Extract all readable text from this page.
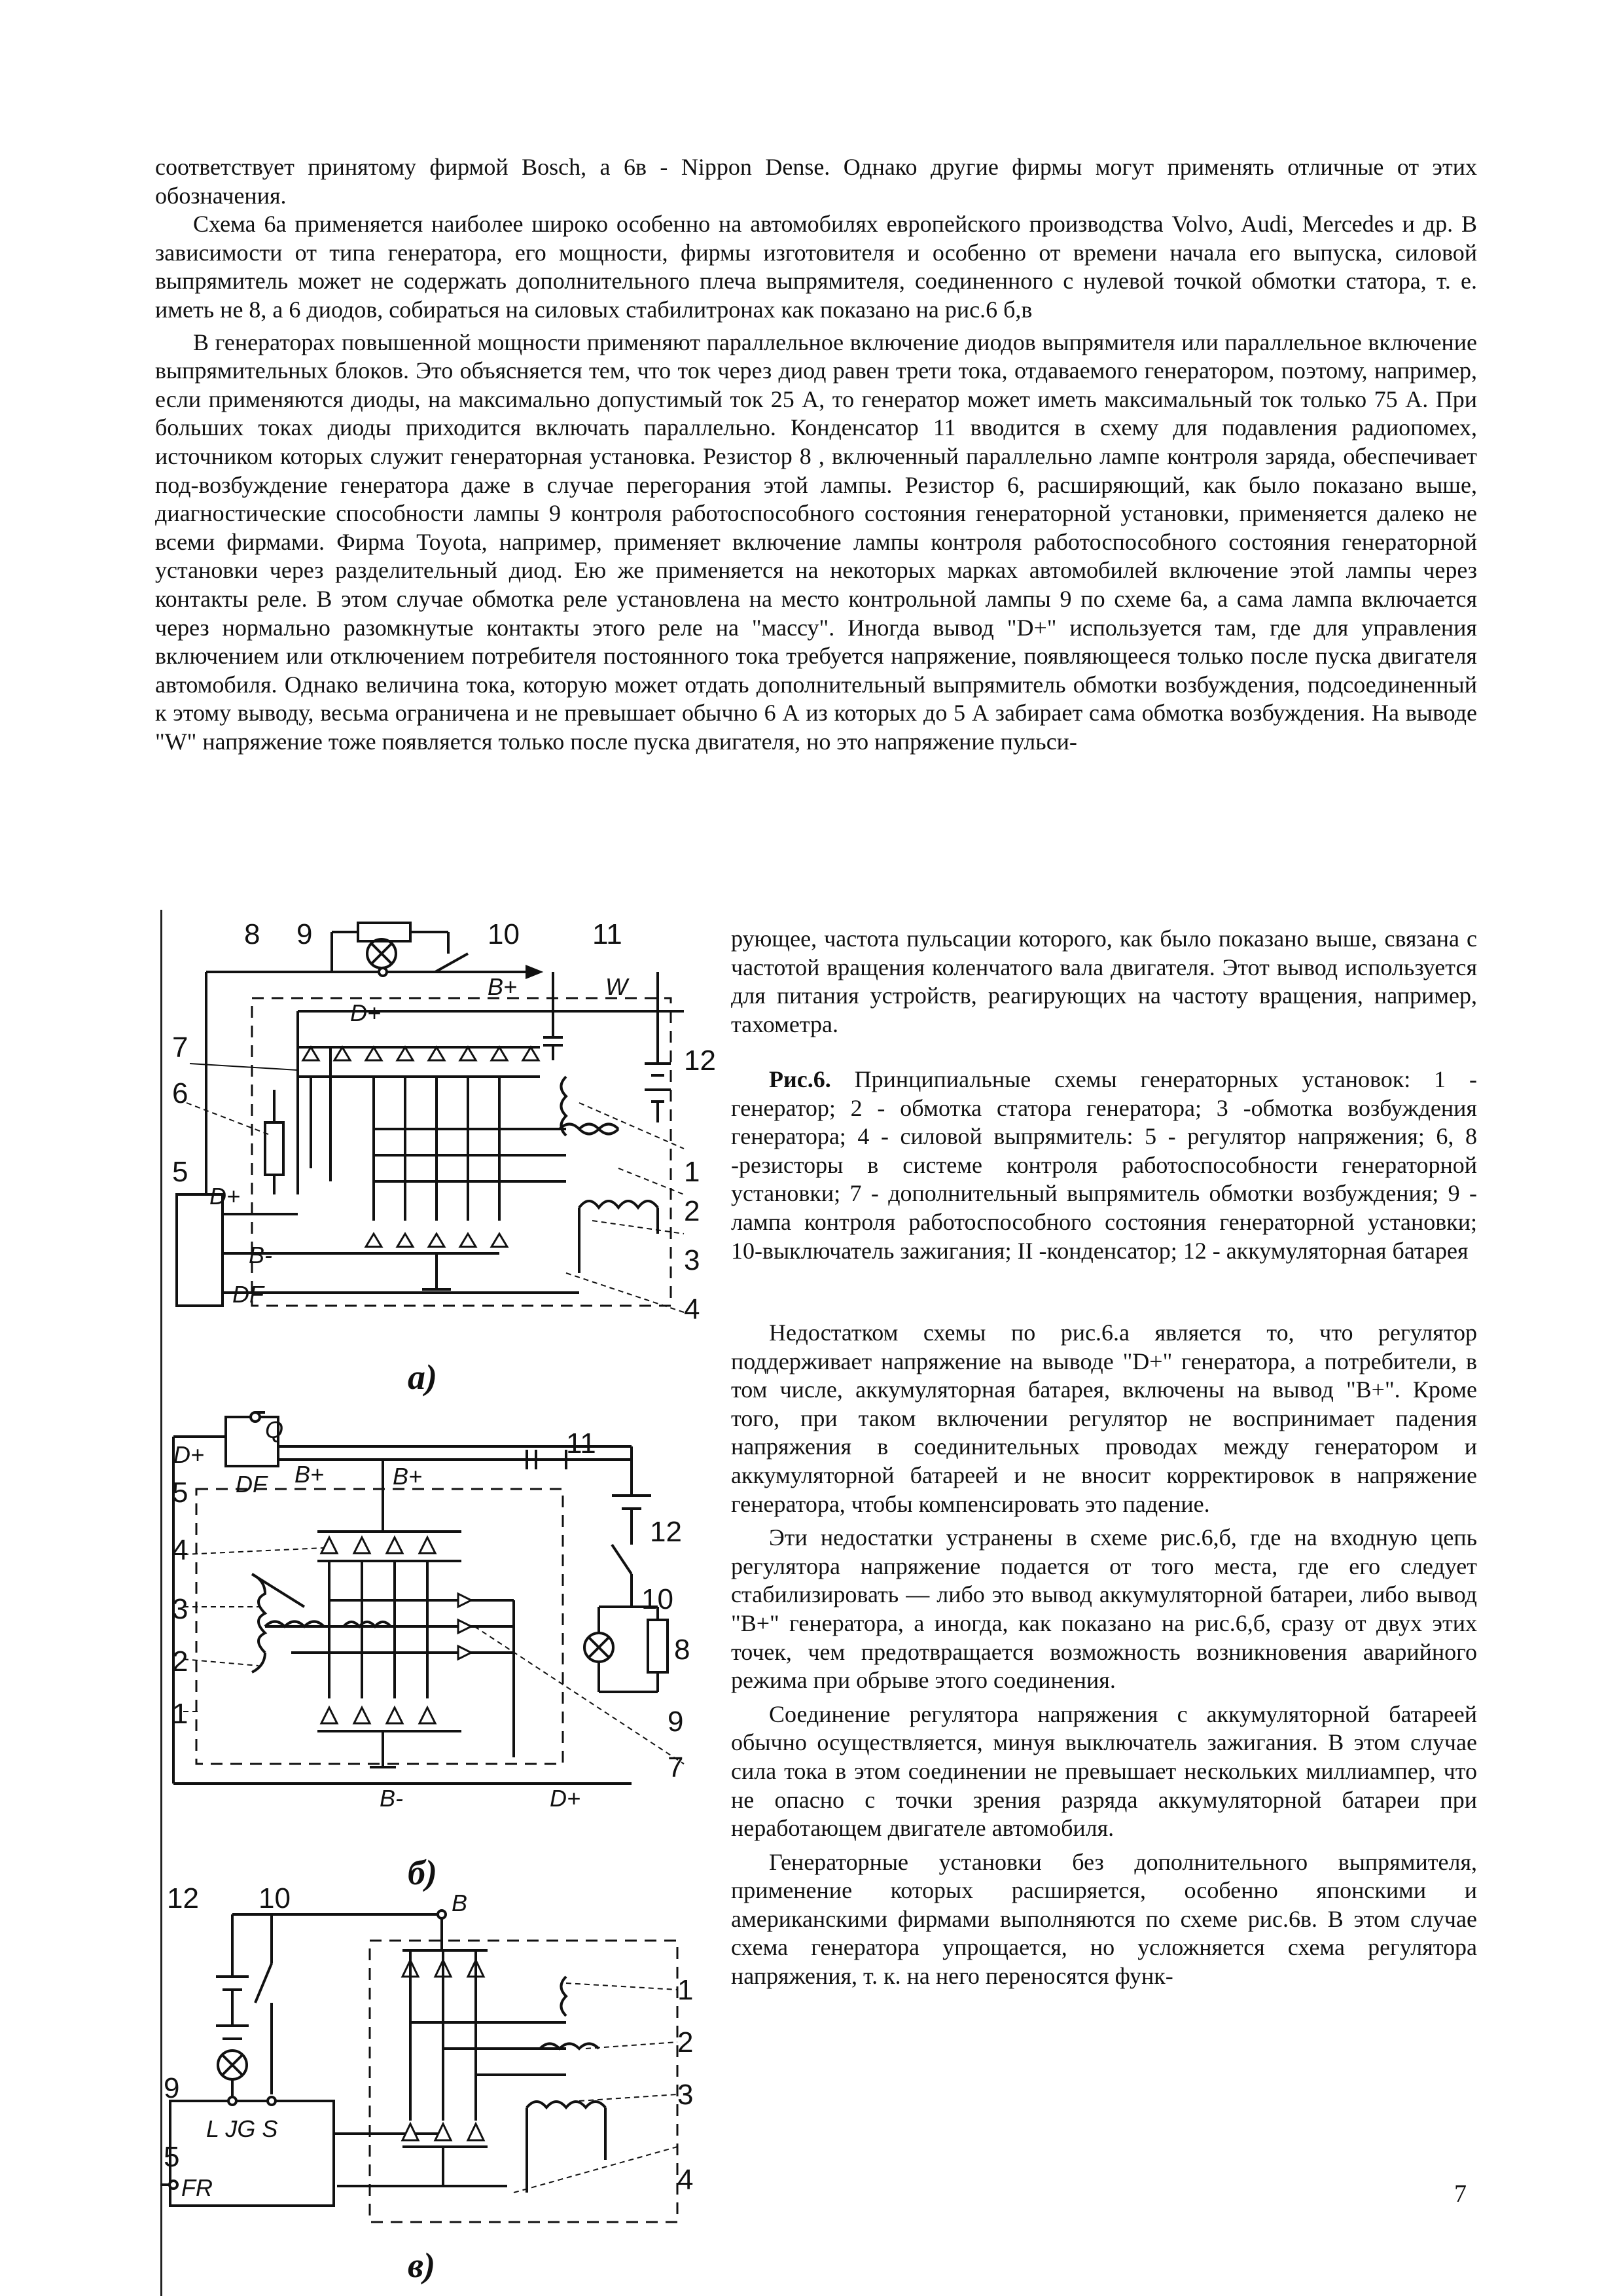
соответствует принятому фирмой Bosch, а 6в - Nippon Dense. Однако другие фирмы могут применять отличные от этих обозначения.

Схема 6а применяется наиболее широко особенно на автомобилях европейского производства Volvo, Audi, Mercedes и др. В зависимости от типа генератора, его мощности, фирмы изготовителя и особенно от времени начала его выпуска, силовой выпрямитель может не содержать дополнительного плеча выпрямителя, соединенного с нулевой точкой обмотки статора, т. е. иметь не 8, а 6 диодов, собираться на силовых стабилитронах как показано на рис.6 б,в

В генераторах повышенной мощности применяют параллельное включение диодов выпрямителя или параллельное включение выпрямительных блоков. Это объясняется тем, что ток через диод равен трети тока, отдаваемого генератором, поэтому, например, если применяются диоды, на максимально допустимый ток 25 А, то генератор может иметь максимальный ток только 75 А. При больших токах диоды приходится включать параллельно. Конденсатор 11 вводится в схему для подавления радиопомех, источником которых служит генераторная установка. Резистор 8 , включенный параллельно лампе контроля заряда, обеспечивает под-возбуждение генератора даже в случае перегорания этой лампы. Резистор 6, расширяющий, как было показано выше, диагностические способности лампы 9 контроля работоспособного состояния генераторной установки, применяется далеко не всеми фирмами. Фирма Toyota, например, применяет включение лампы контроля работоспособного состояния генераторной установки через разделительный диод. Ею же применяется на некоторых марках автомобилей включение этой лампы через контакты реле. В этом случае обмотка реле установлена на место контрольной лампы 9 по схеме 6а, а сама лампа включается через нормально разомкнутые контакты этого реле на "массу". Иногда вывод "D+" используется там, где для управления включением или отключением потребителя постоянного тока требуется напряжение, появляющееся только после пуска двигателя автомобиля. Однако величина тока, которую может отдать дополнительный выпрямитель обмотки возбуждения, подсоединенный к этому выводу, весьма ограничена и не превышает обычно 6 А из которых до 5 А забирает сама обмотка возбуждения. На выводе "W" напряжение тоже появляется только после пуска двигателя, но это напряжение пульси-

рующее, частота пульсации которого, как было показано выше, связана с частотой вращения коленчатого вала двигателя. Этот вывод используется для питания устройств, реагирующих на частоту вращения, например, тахометра.

Рис.6. Принципиальные схемы генераторных установок: 1 - генератор; 2 - обмотка статора генератора; 3 -обмотка возбуждения генератора; 4 - силовой выпрямитель: 5 - регулятор напряжения; 6, 8 -резисторы в системе контроля работоспособности генераторной установки; 7 - дополнительный выпрямитель обмотки возбуждения; 9 - лампа контроля работоспособного состояния генераторной установки; 10-выключатель зажигания; II -конденсатор; 12 - аккумуляторная батарея

Недостатком схемы по рис.6.а является то, что регулятор поддерживает напряжение на выводе "D+" генератора, а потребители, в том числе, аккумуляторная батарея, включены на вывод "В+". Кроме того, при таком включении регулятор не воспринимает падения напряжения в соединительных проводах между генератором и аккумуляторной батареей и не вносит корректировок в напряжение генератора, чтобы компенсировать это падение.

Эти недостатки устранены в схеме рис.6,б, где на входную цепь регулятора напряжение подается от того места, где его следует стабилизировать — либо это вывод аккумуляторной батареи, либо вывод "В+" генератора, а иногда, как показано на рис.6,б, сразу от двух этих точек, чем предотвращается возможность возникновения аварийного режима при обрыве этого соединения.

Соединение регулятора напряжения с аккумуляторной батареей обычно осуществляется, минуя выключатель зажигания. В этом случае сила тока в этом соединении не превышает нескольких миллиампер, что не опасно с точки зрения разряда аккумуляторной батареи при неработающем двигателе автомобиля.

Генераторные установки без дополнительного выпрямителя, применение которых расширяется, особенно японскими и американскими фирмами выполняются по схеме рис.6в. В этом случае схема генератора упрощается, но усложняется схема регулятора напряжения, т. к. на него переносятся функ-

8 9	10	11
7
6
5
12
1
2
3
4
D+
B+	W
D+
B-
DF
а)
11
12
5
4
3
2
1
10
8
9
7
Q
D+
B+	B+
DF
B-	D+
б)
12 10
1
2
3
9
5
4
B
L JG S
FR
в)
7
